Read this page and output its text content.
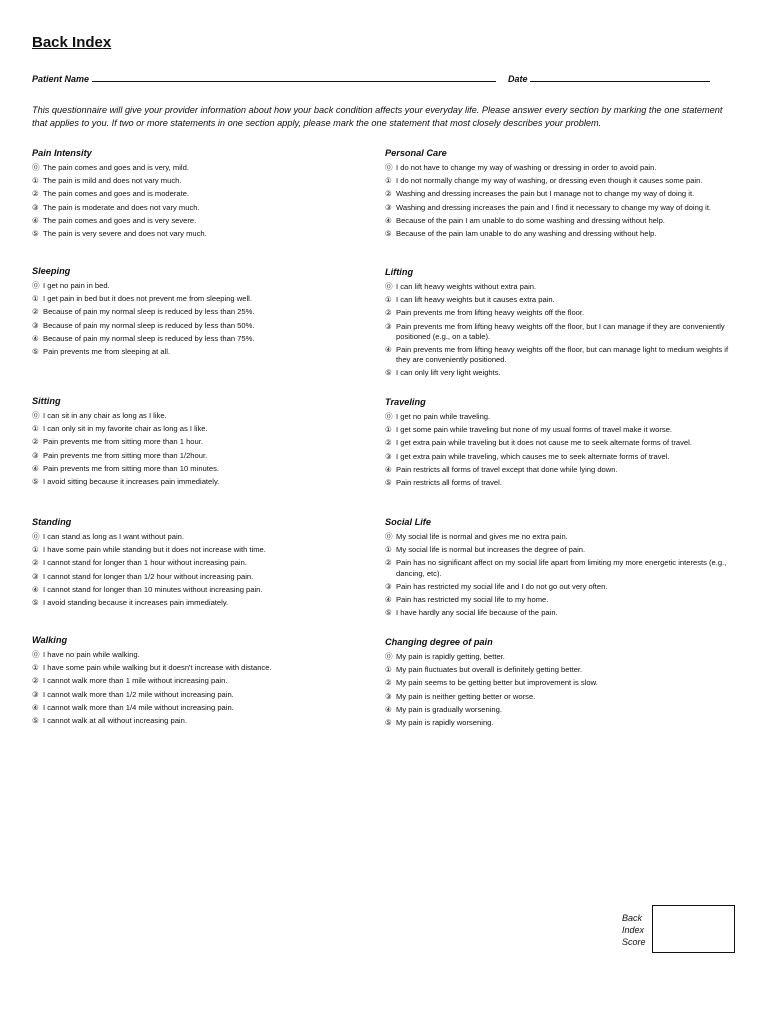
Back Index
Patient Name	Date

This questionnaire will give your provider information about how your back condition affects your everyday life. Please answer every section by marking the one statement that applies to you. If two or more statements in one section apply, please mark the one statement that most closely describes your problem.

Pain Intensity
⓪ The pain comes and goes and is very, mild.
① The pain is mild and does not vary much.
② The pain comes and goes and is moderate.
③ The pain is moderate and does not vary much.
④ The pain comes and goes and is very severe.
⑤ The pain is very severe and does not vary much.
Personal Care
⓪ I do not have to change my way of washing or dressing in order to avoid pain.
① I do not normally change my way of washing, or dressing even though it causes some pain.
② Washing and dressing increases the pain but I manage not to change my way of doing it.
③ Washing and dressing increases the pain and I find it necessary to change my way of doing it.
④ Because of the pain I am unable to do some washing and dressing without help.
⑤ Because of the pain Iam unable to do any washing and dressing without help.
Sleeping
⓪ I get no pain in bed.
① I get pain in bed but it does not prevent me from sleeping well.
② Because of pain my normal sleep is reduced by less than 25%.
③ Because of pain my normal sleep is reduced by less than 50%.
④ Because of pain my normal sleep is reduced by less than 75%.
⑤ Pain prevents me from sleeping at all.
Lifting
⓪ I can lift heavy weights without extra pain.
① I can lift heavy weights but it causes extra pain.
② Pain prevents me from lifting heavy weights off the floor.
③ Pain prevents me from lifting heavy weights off the floor, but I can manage if they are conveniently positioned (e.g., on a table).
④ Pain prevents me from lifting heavy weights off the floor, but can manage light to medium weights if they are conveniently positioned.
⑤ I can only lift very light weights.
Sitting
⓪ I can sit in any chair as long as I like.
① I can only sit in my favorite chair as long as I like.
② Pain prevents me from sitting more than 1 hour.
③ Pain prevents me from sitting more than 1/2hour.
④ Pain prevents me from sitting more than 10 minutes.
⑤ I avoid sitting because it increases pain immediately.
Traveling
⓪ I get no pain while traveling.
① I get some pain while traveling but none of my usual forms of travel make it worse.
② I get extra pain while traveling but it does not cause me to seek alternate forms of travel.
③ I get extra pain while traveling, which causes me to seek alternate forms of travel.
④ Pain restricts all forms of travel except that done while lying down.
⑤ Pain restricts all forms of travel.
Standing
⓪ I can stand as long as I want without pain.
① I have some pain while standing but it does not increase with time.
② I cannot stand for longer than 1 hour without increasing pain.
③ I cannot stand for longer than 1/2 hour without increasing pain.
④ I cannot stand for longer than 10 minutes without increasing pain.
⑤ I avoid standing because it increases pain immediately.
Social Life
⓪ My social life is normal and gives me no extra pain.
① My social life is normal but increases the degree of pain.
② Pain has no significant affect on my social life apart from limiting my more energetic interests (e.g., dancing, etc).
③ Pain has restricted my social life and I do not go out very often.
④ Pain has restricted my social life to my home.
⑤ I have hardly any social life because of the pain.
Walking
⓪ I have no pain while walking.
① I have some pain while walking but it doesn't increase with distance.
② I cannot walk more than 1 mile without increasing pain.
③ I cannot walk more than 1/2 mile without increasing pain.
④ I cannot walk more than 1/4 mile without increasing pain.
⑤ I cannot walk at all without increasing pain.
Changing degree of pain
⓪ My pain is rapidly getting, better.
① My pain fluctuates but overall is definitely getting better.
② My pain seems to be getting better but improvement is slow.
③ My pain is neither getting better or worse.
④ My pain is gradually worsening.
⑤ My pain is rapidly worsening.
Back
Index
Score
